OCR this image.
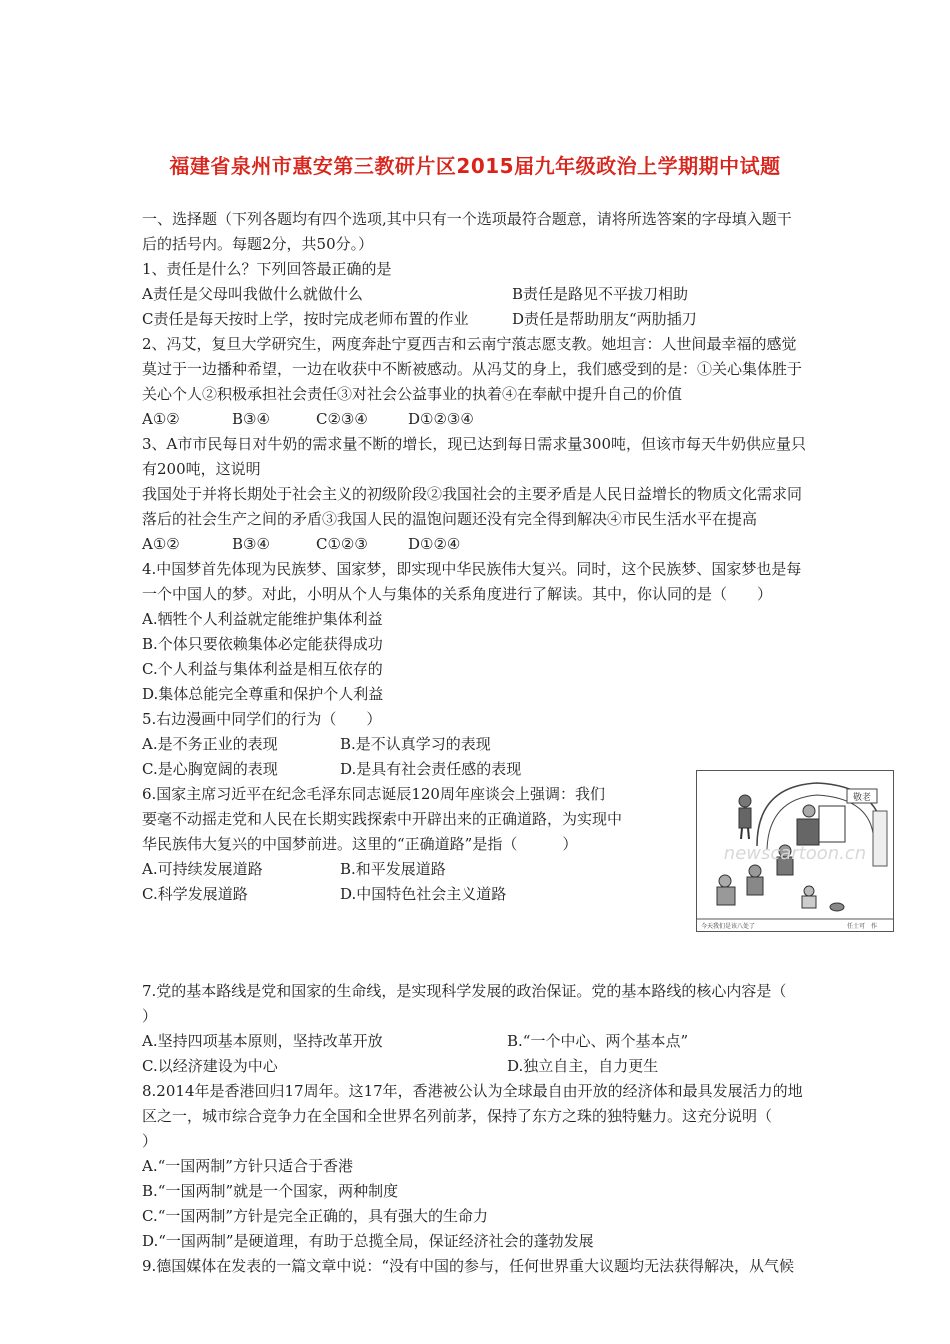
福建省泉州市惠安第三教研片区2015届九年级政治上学期期中试题
一、选择题（下列各题均有四个选项,其中只有一个选项最符合题意，请将所选答案的字母填入题干
后的括号内。每题2分，共50分。）
1、责任是什么？下列回答最正确的是
A责任是父母叫我做什么就做什么	B责任是路见不平拔刀相助
C责任是每天按时上学，按时完成老师布置的作业	D责任是帮助朋友“两肋插刀
2、冯艾，复旦大学研究生，两度奔赴宁夏西吉和云南宁蒗志愿支教。她坦言：人世间最幸福的感觉
莫过于一边播种希望，一边在收获中不断被感动。从冯艾的身上，我们感受到的是：①关心集体胜于
关心个人②积极承担社会责任③对社会公益事业的执着④在奉献中提升自己的价值
A①②	B③④	C②③④	D①②③④
3、A市市民每日对牛奶的需求量不断的增长，现已达到每日需求量300吨，但该市每天牛奶供应量只
有200吨，这说明
我国处于并将长期处于社会主义的初级阶段②我国社会的主要矛盾是人民日益增长的物质文化需求同
落后的社会生产之间的矛盾③我国人民的温饱问题还没有完全得到解决④市民生活水平在提高
A①②	B③④	C①②③	D①②④
4.中国梦首先体现为民族梦、国家梦，即实现中华民族伟大复兴。同时，这个民族梦、国家梦也是每
一个中国人的梦。对此，小明从个人与集体的关系角度进行了解读。其中，你认同的是（　　）
A.牺牲个人利益就定能维护集体利益
B.个体只要依赖集体必定能获得成功
C.个人利益与集体利益是相互依存的
D.集体总能完全尊重和保护个人利益
5.右边漫画中同学们的行为（　　）
A.是不务正业的表现	B.是不认真学习的表现
C.是心胸宽阔的表现	D.是具有社会责任感的表现
6.国家主席习近平在纪念毛泽东同志诞辰120周年座谈会上强调：我们
要毫不动摇走党和人民在长期实践探索中开辟出来的正确道路，为实现中
华民族伟大复兴的中国梦前进。这里的“正确道路”是指（　　　）
A.可持续发展道路	B.和平发展道路
C.科学发展道路	D.中国特色社会主义道路
7.党的基本路线是党和国家的生命线，是实现科学发展的政治保证。党的基本路线的核心内容是（
）
A.坚持四项基本原则，坚持改革开放	B.“一个中心、两个基本点”
C.以经济建设为中心	D.独立自主，自力更生
8.2014年是香港回归17周年。这17年，香港被公认为全球最自由开放的经济体和最具发展活力的地
区之一，城市综合竞争力在全国和全世界名列前茅，保持了东方之珠的独特魅力。这充分说明（
）
A.“一国两制”方针只适合于香港
B.“一国两制”就是一个国家，两种制度
C.“一国两制”方针是完全正确的，具有强大的生命力
D.“一国两制”是硬道理，有助于总揽全局，保证经济社会的蓬勃发展
9.德国媒体在发表的一篇文章中说：“没有中国的参与，任何世界重大议题均无法获得解决，从气候
敬老
newscartoon.cn
今天我们是该八处了	任士可　作
